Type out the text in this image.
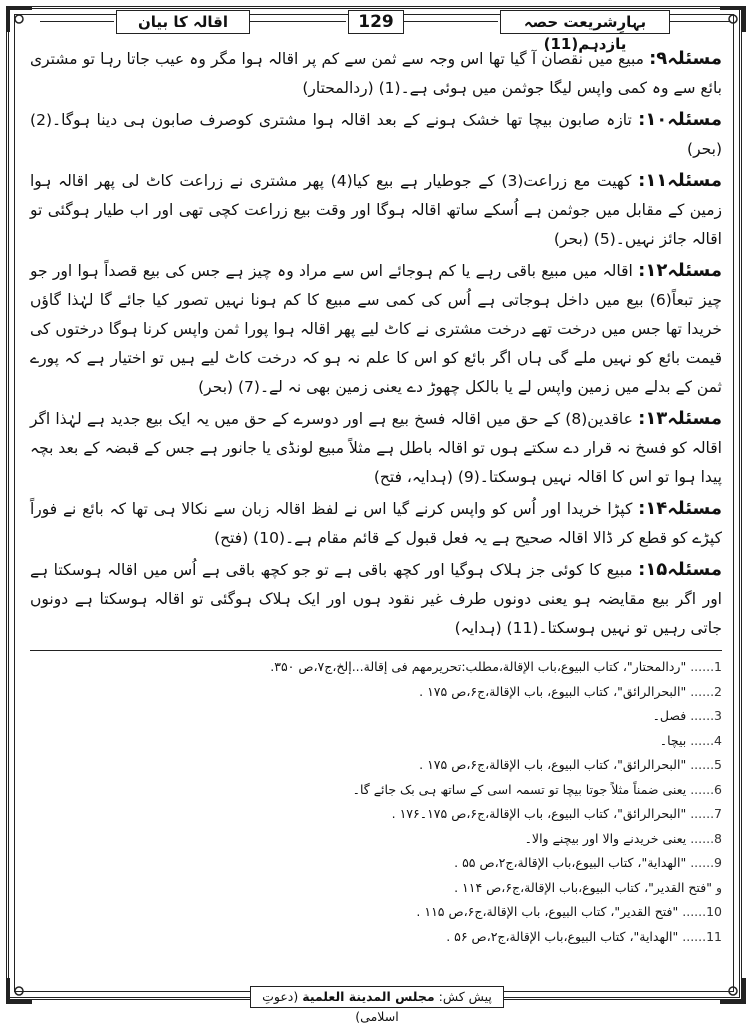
اقالہ کا بیان	129	بہارِشریعت حصہ یازدہم(11)

مسئلہ۹: مبیع میں نقصان آ گیا تھا اس وجہ سے ثمن سے کم پر اقالہ ہوا مگر وہ عیب جاتا رہا تو مشتری بائع سے وہ کمی واپس لیگا جوثمن میں ہوئی ہے۔(1) (ردالمحتار)

مسئلہ۱۰: تازہ صابون بیچا تھا خشک ہونے کے بعد اقالہ ہوا مشتری کوصرف صابون ہی دینا ہوگا۔(2) (بحر)

مسئلہ۱۱: کھیت مع زراعت(3) کے جوطیار ہے بیع کیا(4) پھر مشتری نے زراعت کاٹ لی پھر اقالہ ہوا زمین کے مقابل میں جوثمن ہے اُسکے ساتھ اقالہ ہوگا اور وقت بیع زراعت کچی تھی اور اب طیار ہوگئی تو اقالہ جائز نہیں۔(5) (بحر)

مسئلہ۱۲: اقالہ میں مبیع باقی رہے یا کم ہوجائے اس سے مراد وہ چیز ہے جس کی بیع قصداً ہوا اور جو چیز تبعاً(6) بیع میں داخل ہوجاتی ہے اُس کی کمی سے مبیع کا کم ہونا نہیں تصور کیا جائے گا لہٰذا گاؤں خریدا تھا جس میں درخت تھے درخت مشتری نے کاٹ لیے پھر اقالہ ہوا پورا ثمن واپس کرنا ہوگا درختوں کی قیمت بائع کو نہیں ملے گی ہاں اگر بائع کو اس کا علم نہ ہو کہ درخت کاٹ لیے ہیں تو اختیار ہے کہ پورے ثمن کے بدلے میں زمین واپس لے یا بالکل چھوڑ دے یعنی زمین بھی نہ لے۔(7) (بحر)

مسئلہ۱۳: عاقدین(8) کے حق میں اقالہ فسخ بیع ہے اور دوسرے کے حق میں یہ ایک بیع جدید ہے لہٰذا اگر اقالہ کو فسخ نہ قرار دے سکتے ہوں تو اقالہ باطل ہے مثلاً مبیع لونڈی یا جانور ہے جس کے قبضہ کے بعد بچہ پیدا ہوا تو اس کا اقالہ نہیں ہوسکتا۔(9) (ہدایہ، فتح)

مسئلہ۱۴: کپڑا خریدا اور اُس کو واپس کرنے گیا اس نے لفظ اقالہ زبان سے نکالا ہی تھا کہ بائع نے فوراً کپڑے کو قطع کر ڈالا اقالہ صحیح ہے یہ فعل قبول کے قائم مقام ہے۔(10) (فتح)

مسئلہ۱۵: مبیع کا کوئی جز ہلاک ہوگیا اور کچھ باقی ہے تو جو کچھ باقی ہے اُس میں اقالہ ہوسکتا ہے اور اگر بیع مقایضہ ہو یعنی دونوں طرف غیر نقود ہوں اور ایک ہلاک ہوگئی تو اقالہ ہوسکتا ہے دونوں جاتی رہیں تو نہیں ہوسکتا۔(11) (ہدایہ)

1...... "ردالمحتار"، کتاب البیوع،باب الإقالة،مطلب:تحریرمھم فی إقالة...إلخ،ج۷،ص ۳۵۰.
2...... "البحرالرائق"، کتاب البیوع، باب الإقالة،ج۶،ص ۱۷۵ .
3...... فصل۔
4...... بیچا۔
5...... "البحرالرائق"، کتاب البیوع، باب الإقالة،ج۶،ص ۱۷۵ .
6...... یعنی ضمناً مثلاً جوتا بیچا تو تسمہ اسی کے ساتھ ہی بک جائے گا۔
7...... "البحرالرائق"، کتاب البیوع، باب الإقالة،ج۶،ص ۱۷۵۔۱۷۶ .
8...... یعنی خریدنے والا اور بیچنے والا۔
9...... "الھدایة"، کتاب البیوع،باب الإقالة،ج۲،ص ۵۵ .
و "فتح القدیر"، کتاب البیوع،باب الإقالة،ج۶،ص ۱۱۴ .
10...... "فتح القدیر"، کتاب البیوع، باب الإقالة،ج۶،ص ۱۱۵ .
11...... "الھدایة"، کتاب البیوع،باب الإقالة،ج۲،ص ۵۶ .
پیش کش: مجلس المدينة العلمية (دعوتِ اسلامی)
